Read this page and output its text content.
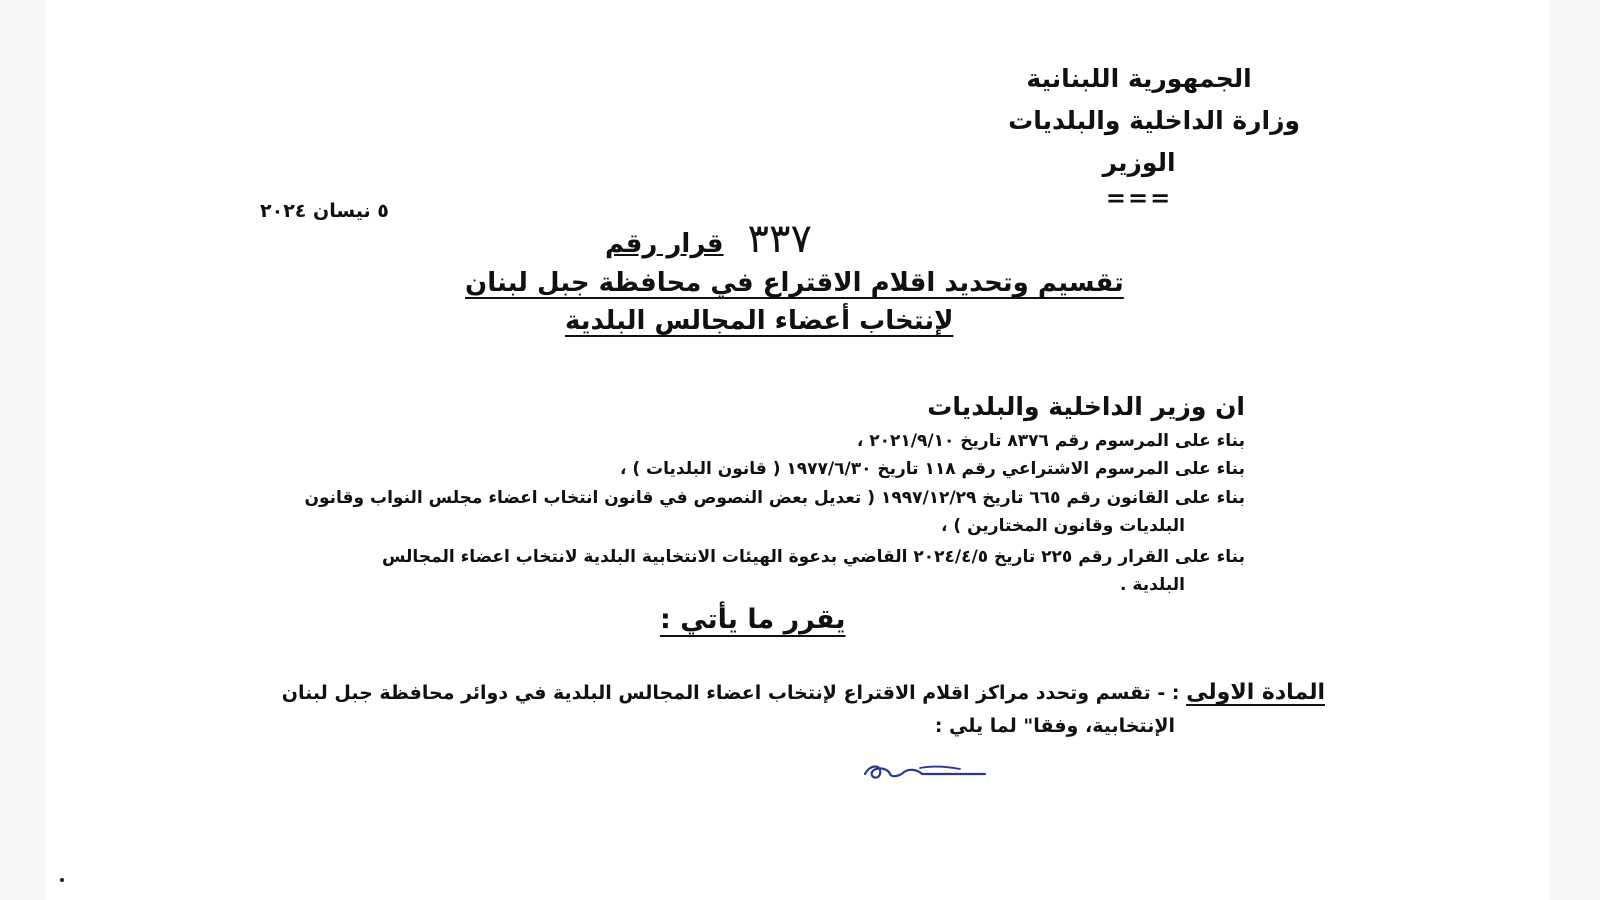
الجمهورية اللبنانية
وزارة الداخلية والبلديات
الوزير
===
٥ نيسان ٢٠٢٤
قرار رقم ٣٣٧
تقسيم وتحديد اقلام الاقتراع في محافظة جبل لبنان
لإنتخاب أعضاء المجالس البلدية
ان وزير الداخلية والبلديات
بناء على المرسوم رقم ٨٣٧٦ تاريخ ٢٠٢١/٩/١٠ ،
بناء على المرسوم الاشتراعي رقم ١١٨ تاريخ ١٩٧٧/٦/٣٠ ( قانون البلديات ) ،
بناء على القانون رقم ٦٦٥ تاريخ ١٩٩٧/١٢/٢٩ ( تعديل بعض النصوص في قانون انتخاب اعضاء مجلس النواب وقانون
البلديات وقانون المختارين ) ،
بناء على القرار رقم ٢٢٥ تاريخ ٢٠٢٤/٤/٥ القاضي بدعوة الهيئات الانتخابية البلدية لانتخاب اعضاء المجالس
البلدية .
يقرر ما يأتي :
المادة الاولى : - تقسم وتحدد مراكز اقلام الاقتراع لإنتخاب اعضاء المجالس البلدية في دوائر محافظة جبل لبنان
الإنتخابية، وفقا" لما يلي :
